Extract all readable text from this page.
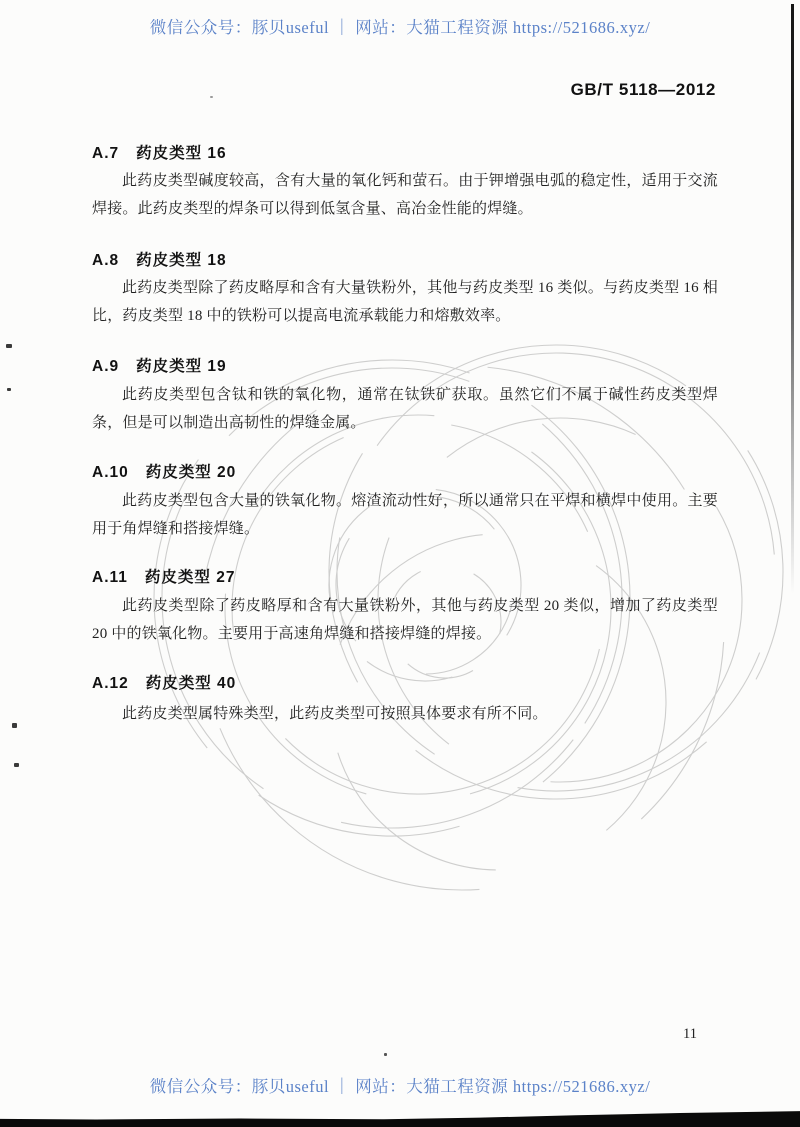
微信公众号：豚贝useful ｜ 网站：大猫工程资源 https://521686.xyz/
GB/T 5118—2012
A.7 药皮类型 16

此药皮类型碱度较高，含有大量的氧化钙和萤石。由于钾增强电弧的稳定性，适用于交流焊接。此药皮类型的焊条可以得到低氢含量、高冶金性能的焊缝。

A.8 药皮类型 18

此药皮类型除了药皮略厚和含有大量铁粉外，其他与药皮类型 16 类似。与药皮类型 16 相比，药皮类型 18 中的铁粉可以提高电流承载能力和熔敷效率。

A.9 药皮类型 19

此药皮类型包含钛和铁的氧化物，通常在钛铁矿获取。虽然它们不属于碱性药皮类型焊条，但是可以制造出高韧性的焊缝金属。

A.10 药皮类型 20

此药皮类型包含大量的铁氧化物。熔渣流动性好，所以通常只在平焊和横焊中使用。主要用于角焊缝和搭接焊缝。

A.11 药皮类型 27

此药皮类型除了药皮略厚和含有大量铁粉外，其他与药皮类型 20 类似，增加了药皮类型 20 中的铁氧化物。主要用于高速角焊缝和搭接焊缝的焊接。

A.12 药皮类型 40

此药皮类型属特殊类型，此药皮类型可按照具体要求有所不同。

11
微信公众号：豚贝useful ｜ 网站：大猫工程资源 https://521686.xyz/
